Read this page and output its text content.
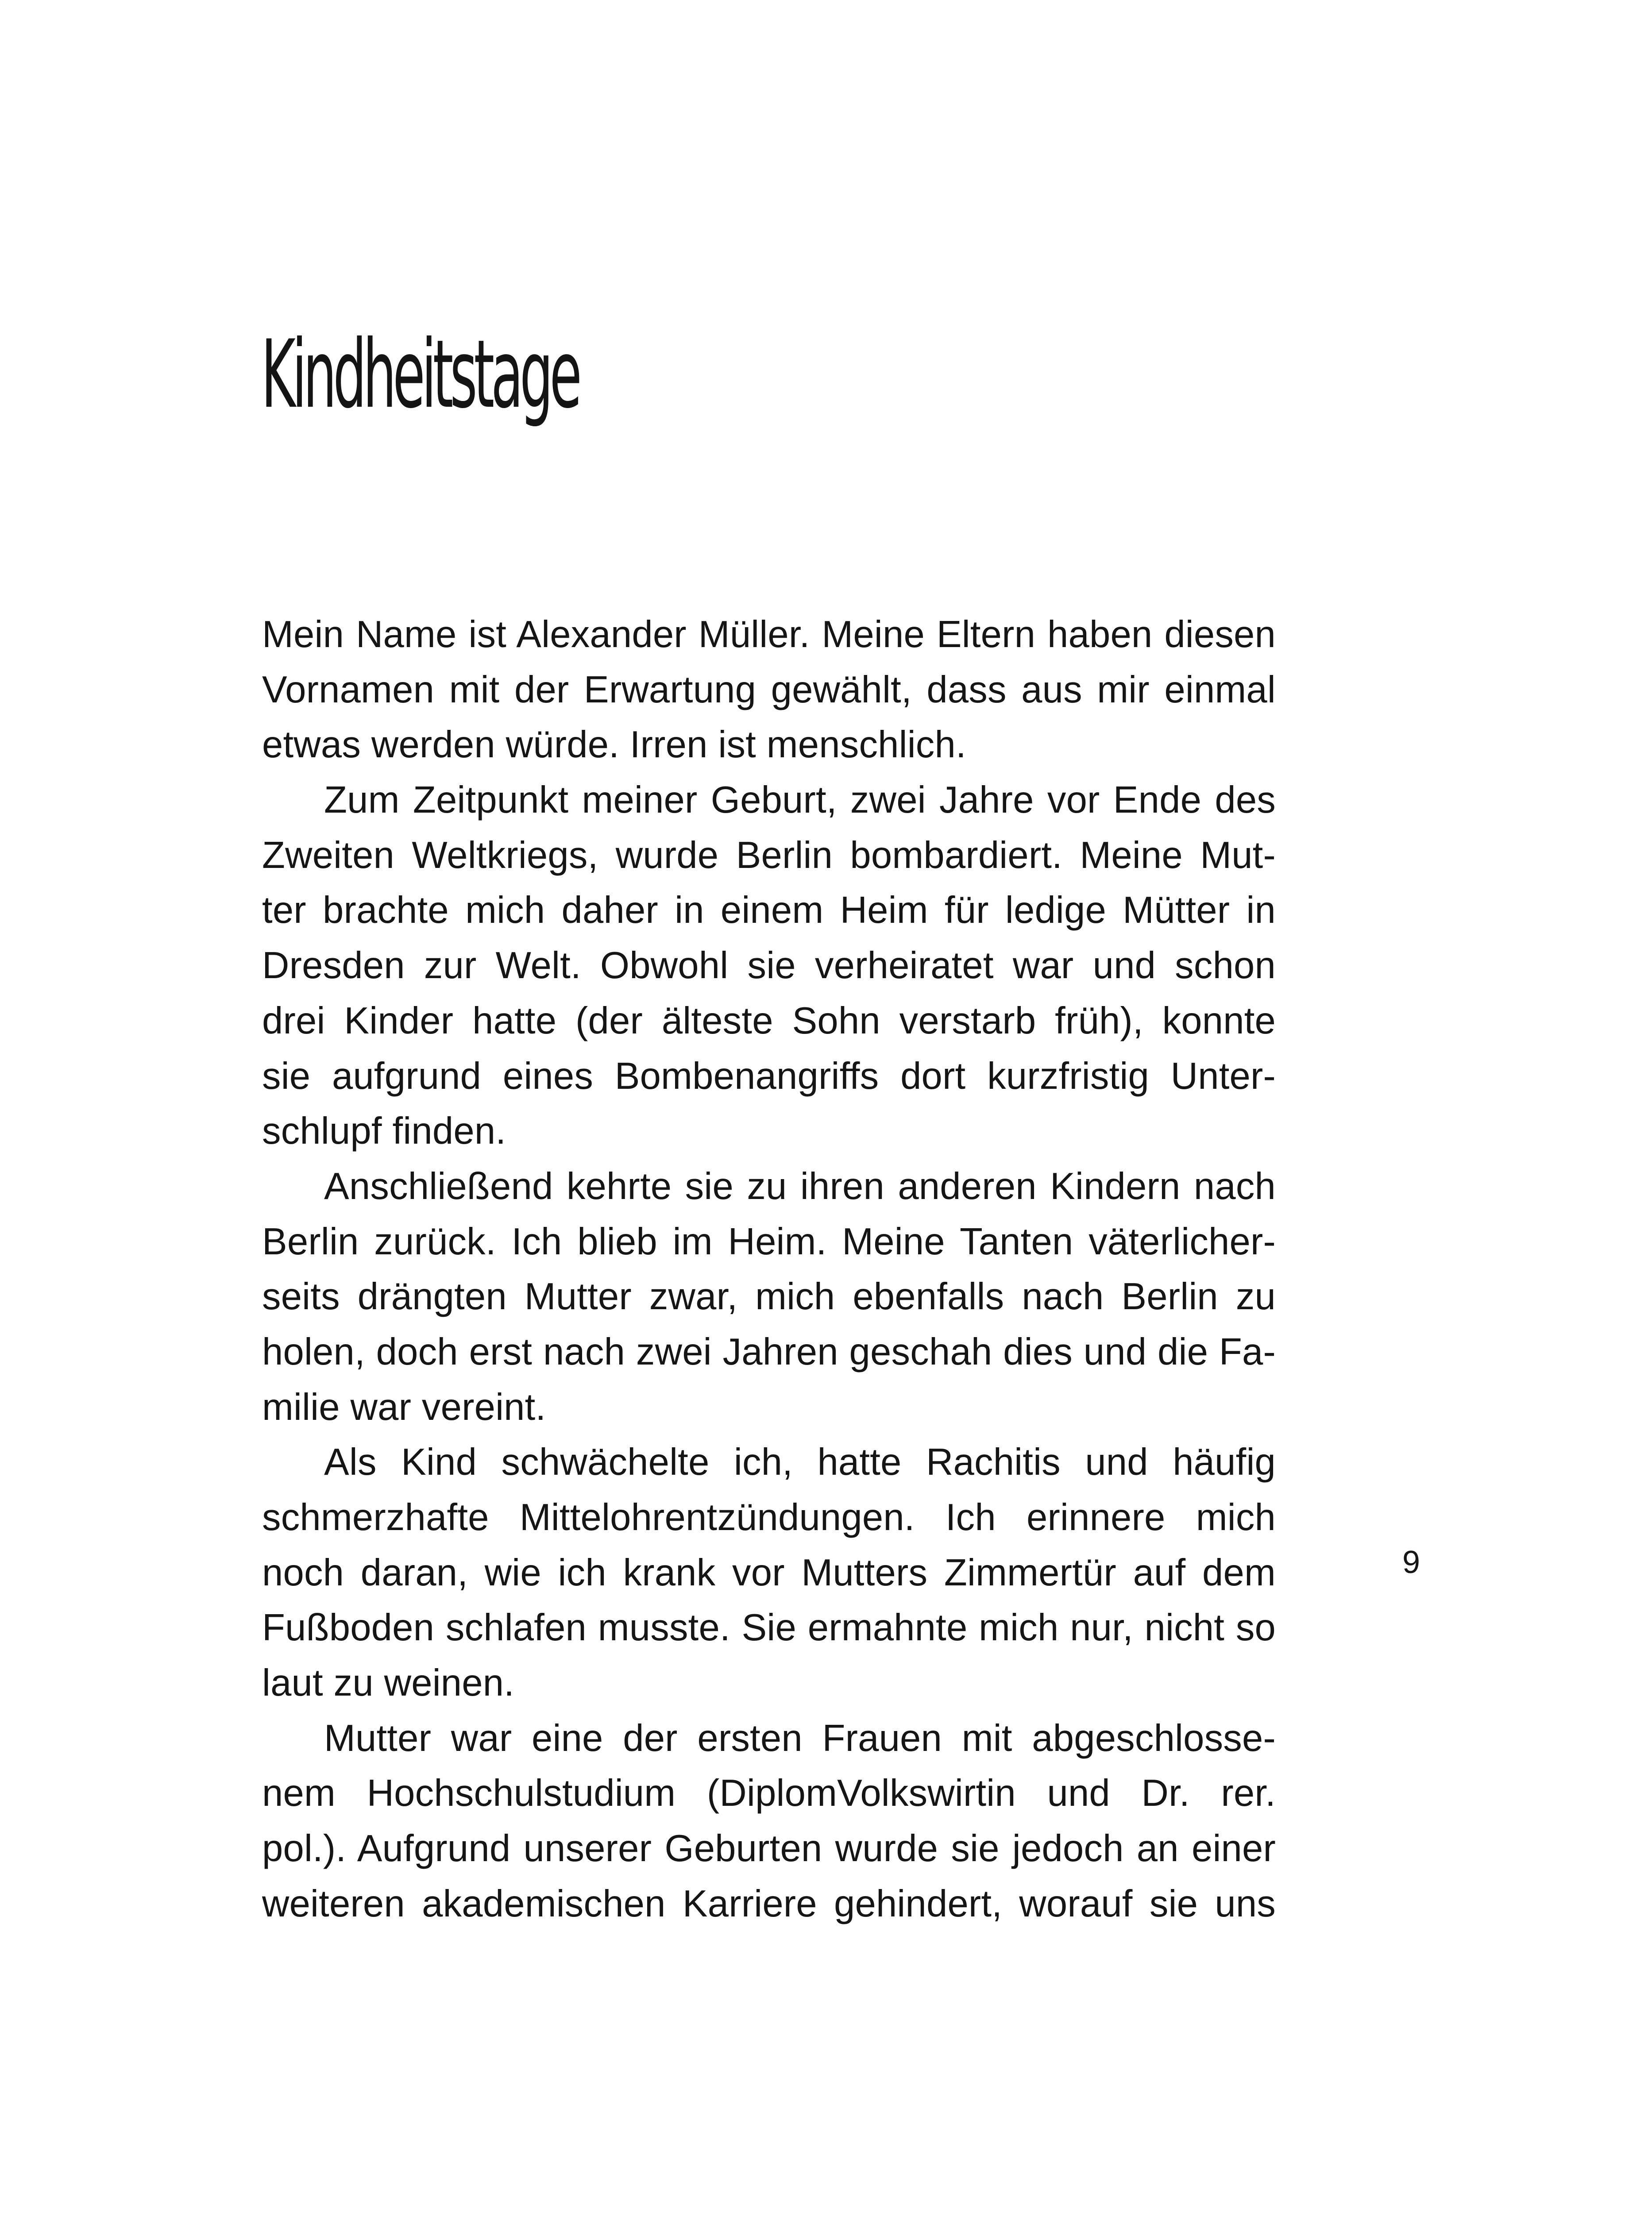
Kindheitstage
Mein Name ist Alexander Müller. Meine Eltern haben diesen
Vornamen mit der Erwartung gewählt, dass aus mir einmal
etwas werden würde. Irren ist menschlich.
Zum Zeitpunkt meiner Geburt, zwei Jahre vor Ende des
Zweiten Weltkriegs, wurde Berlin bombardiert. Meine Mut-
ter brachte mich daher in einem Heim für ledige Mütter in
Dresden zur Welt. Obwohl sie verheiratet war und schon
drei Kinder hatte (der älteste Sohn verstarb früh), konnte
sie aufgrund eines Bombenangriffs dort kurzfristig Unter-
schlupf finden.
Anschließend kehrte sie zu ihren anderen Kindern nach
Berlin zurück. Ich blieb im Heim. Meine Tanten väterlicher-
seits drängten Mutter zwar, mich ebenfalls nach Berlin zu
holen, doch erst nach zwei Jahren geschah dies und die Fa-
milie war vereint.
Als Kind schwächelte ich, hatte Rachitis und häufig
schmerzhafte Mittelohrentzündungen. Ich erinnere mich
noch daran, wie ich krank vor Mutters Zimmertür auf dem
Fußboden schlafen musste. Sie ermahnte mich nur, nicht so
laut zu weinen.
Mutter war eine der ersten Frauen mit abgeschlosse-
nem Hochschulstudium (DiplomVolkswirtin und Dr. rer.
pol.). Aufgrund unserer Geburten wurde sie jedoch an einer
weiteren akademischen Karriere gehindert, worauf sie uns
9
